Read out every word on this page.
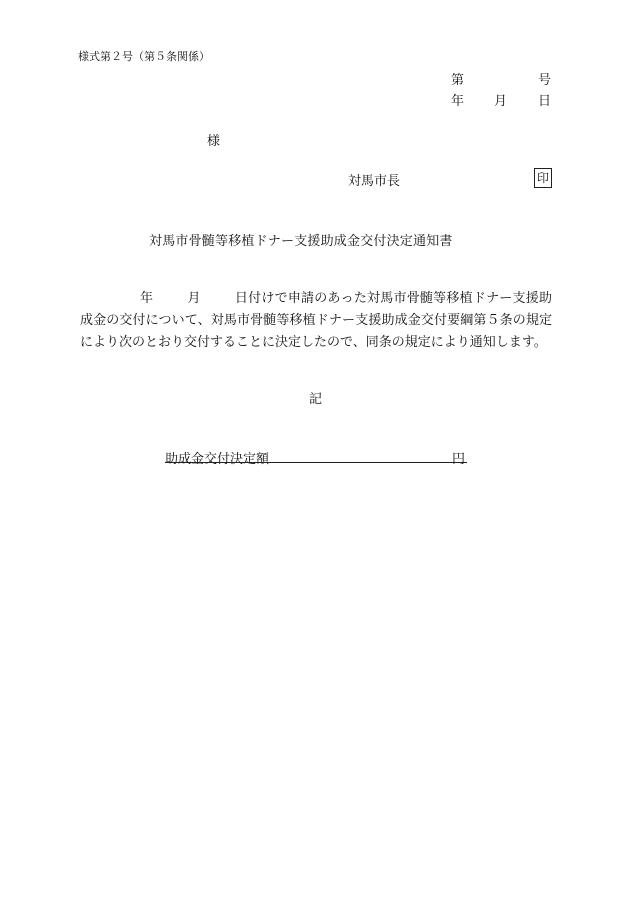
様式第２号（第５条関係）
第	号
年 月 日
様
対馬市長	印
対馬市骨髄等移植ドナー支援助成金交付決定通知書
年	月	日付けで申請のあった対馬市骨髄等移植ドナー支援助成金の交付について、対馬市骨髄等移植ドナー支援助成金交付要綱第５条の規定により次のとおり交付することに決定したので、同条の規定により通知します。
記
助成金交付決定額	円
